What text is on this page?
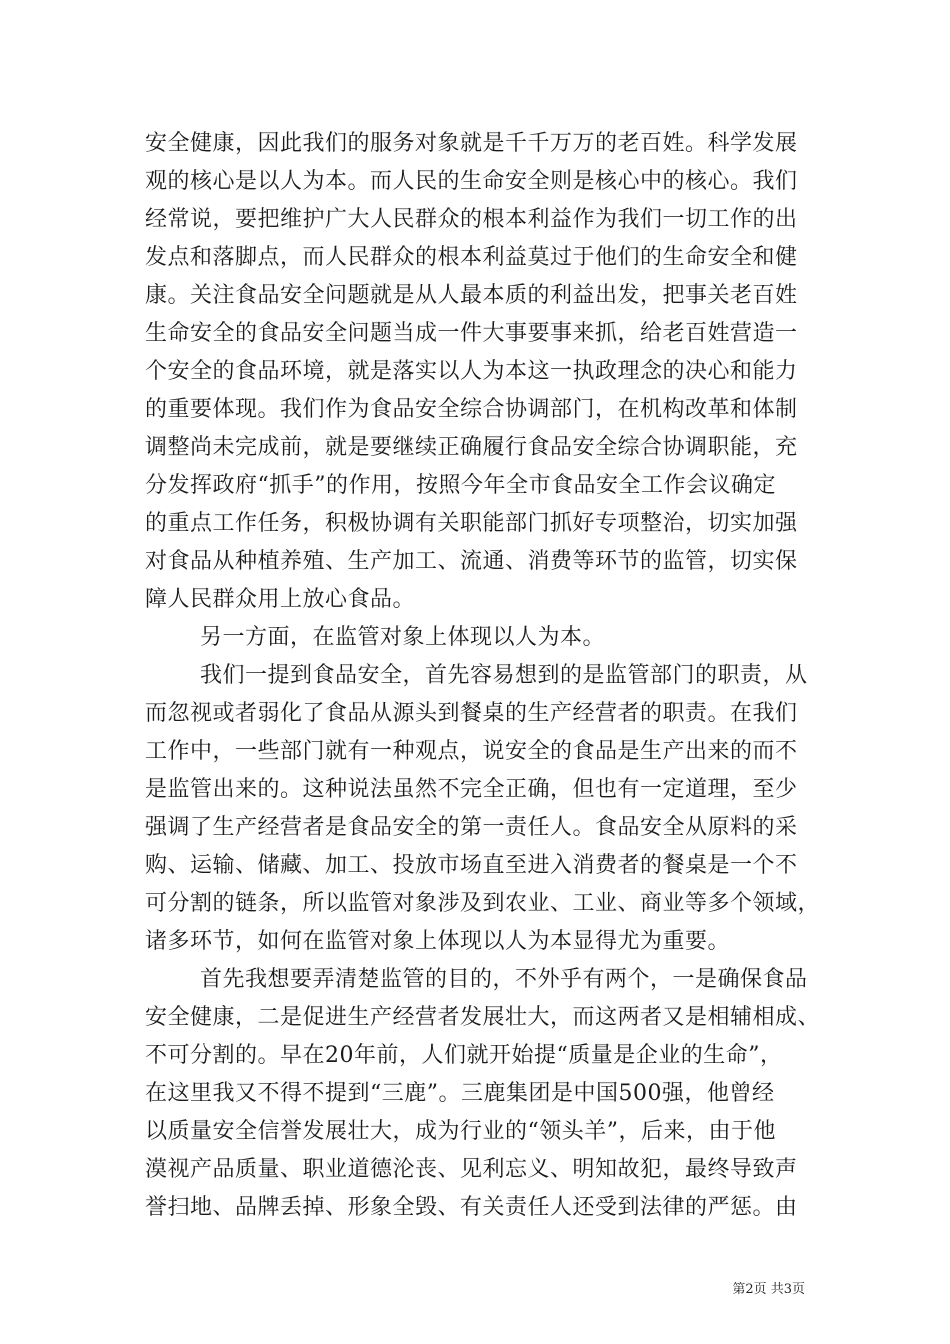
安全健康，因此我们的服务对象就是千千万万的老百姓。科学发展
观的核心是以人为本。而人民的生命安全则是核心中的核心。我们
经常说，要把维护广大人民群众的根本利益作为我们一切工作的出
发点和落脚点，而人民群众的根本利益莫过于他们的生命安全和健
康。关注食品安全问题就是从人最本质的利益出发，把事关老百姓
生命安全的食品安全问题当成一件大事要事来抓，给老百姓营造一
个安全的食品环境，就是落实以人为本这一执政理念的决心和能力
的重要体现。我们作为食品安全综合协调部门，在机构改革和体制
调整尚未完成前，就是要继续正确履行食品安全综合协调职能，充
分发挥政府“抓手”的作用，按照今年全市食品安全工作会议确定
的重点工作任务，积极协调有关职能部门抓好专项整治，切实加强
对食品从种植养殖、生产加工、流通、消费等环节的监管，切实保
障人民群众用上放心食品。
另一方面，在监管对象上体现以人为本。
我们一提到食品安全，首先容易想到的是监管部门的职责，从
而忽视或者弱化了食品从源头到餐桌的生产经营者的职责。在我们
工作中，一些部门就有一种观点，说安全的食品是生产出来的而不
是监管出来的。这种说法虽然不完全正确，但也有一定道理，至少
强调了生产经营者是食品安全的第一责任人。食品安全从原料的采
购、运输、储藏、加工、投放市场直至进入消费者的餐桌是一个不
可分割的链条，所以监管对象涉及到农业、工业、商业等多个领域，
诸多环节，如何在监管对象上体现以人为本显得尤为重要。
首先我想要弄清楚监管的目的，不外乎有两个，一是确保食品
安全健康，二是促进生产经营者发展壮大，而这两者又是相辅相成、
不可分割的。早在20年前，人们就开始提“质量是企业的生命”，
在这里我又不得不提到“三鹿”。三鹿集团是中国500强，他曾经
以质量安全信誉发展壮大，成为行业的“领头羊”，后来，由于他
漠视产品质量、职业道德沦丧、见利忘义、明知故犯，最终导致声
誉扫地、品牌丢掉、形象全毁、有关责任人还受到法律的严惩。由
第2页 共3页
